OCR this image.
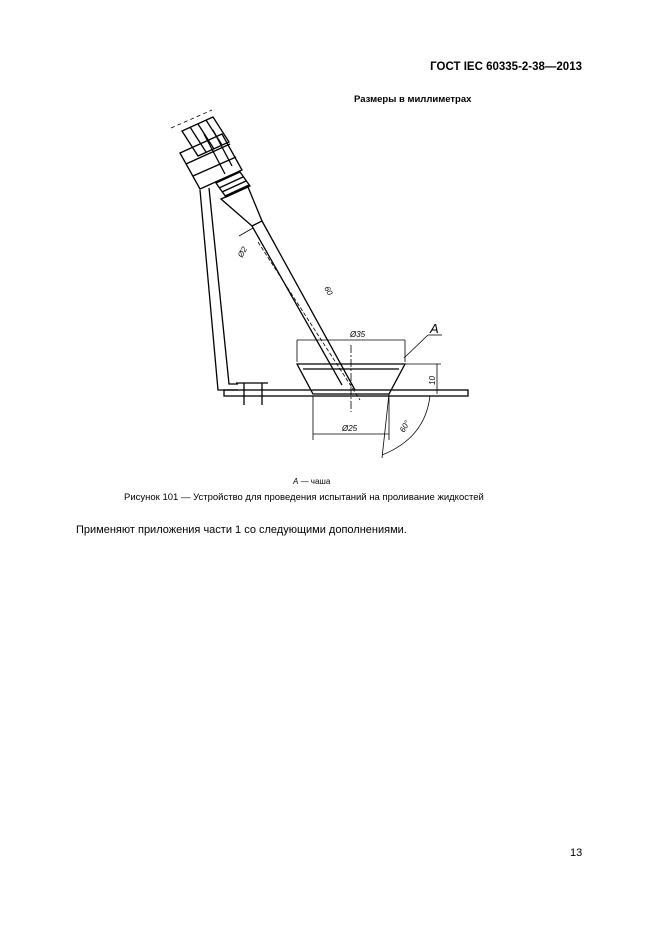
ГОСТ IEC 60335-2-38—2013
Размеры в миллиметрах
Ø2
60
Ø35
10
Ø25	60°
A
A — чаша
Рисунок 101 — Устройство для проведения испытаний на проливание жидкостей
Применяют приложения части 1 со следующими дополнениями.
13
